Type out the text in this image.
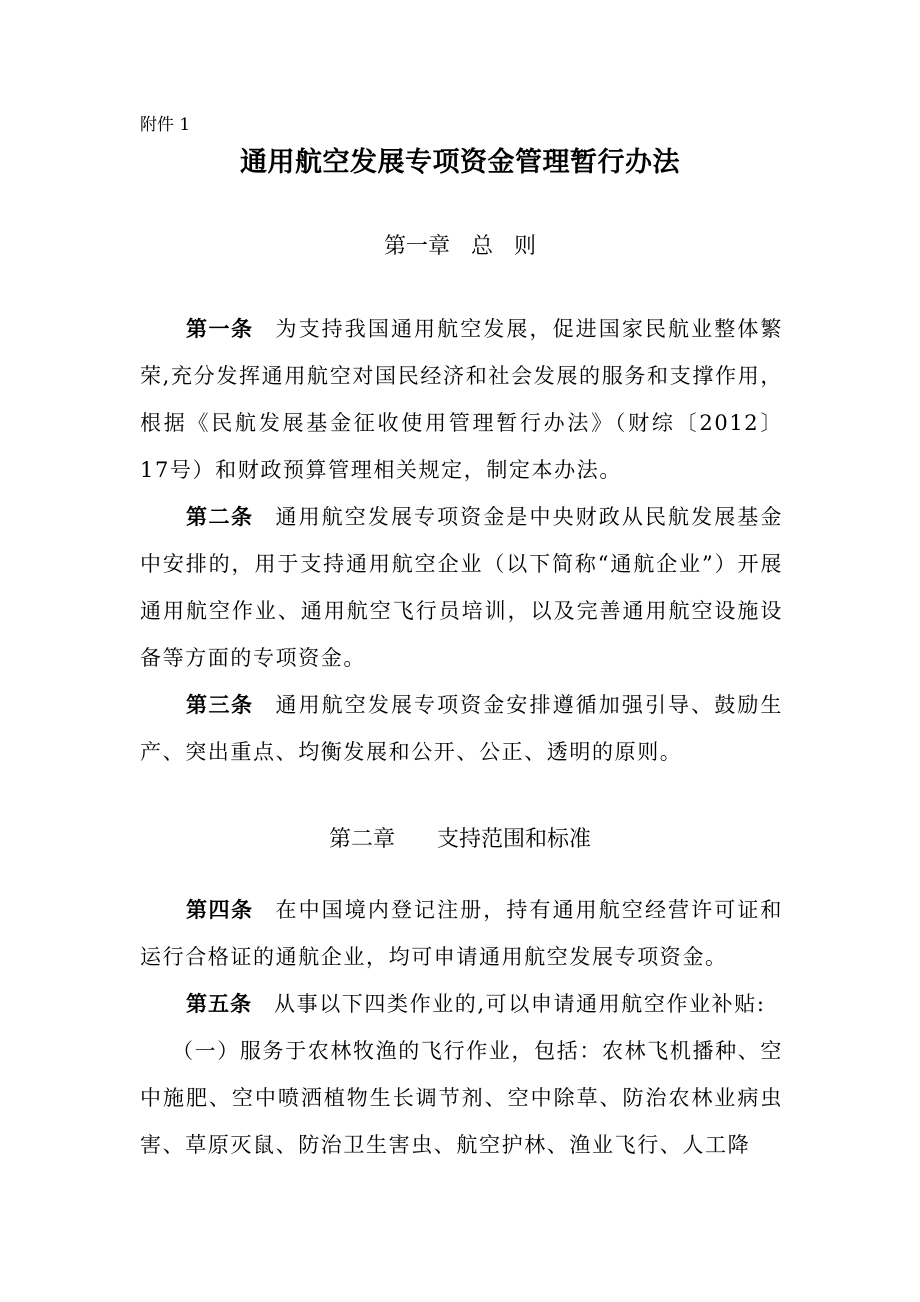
附件 1
通用航空发展专项资金管理暂行办法
第一章   总   则
第一条 为支持我国通用航空发展，促进国家民航业整体繁荣,充分发挥通用航空对国民经济和社会发展的服务和支撑作用，根据《民航发展基金征收使用管理暂行办法》（财综〔2012〕17号）和财政预算管理相关规定，制定本办法。
第二条 通用航空发展专项资金是中央财政从民航发展基金中安排的，用于支持通用航空企业（以下简称“通航企业”）开展通用航空作业、通用航空飞行员培训，以及完善通用航空设施设备等方面的专项资金。
第三条 通用航空发展专项资金安排遵循加强引导、鼓励生产、突出重点、均衡发展和公开、公正、透明的原则。
第二章      支持范围和标准
第四条 在中国境内登记注册，持有通用航空经营许可证和运行合格证的通航企业，均可申请通用航空发展专项资金。
第五条 从事以下四类作业的,可以申请通用航空作业补贴:
（一）服务于农林牧渔的飞行作业，包括：农林飞机播种、空中施肥、空中喷洒植物生长调节剂、空中除草、防治农林业病虫害、草原灭鼠、防治卫生害虫、航空护林、渔业飞行、人工降
